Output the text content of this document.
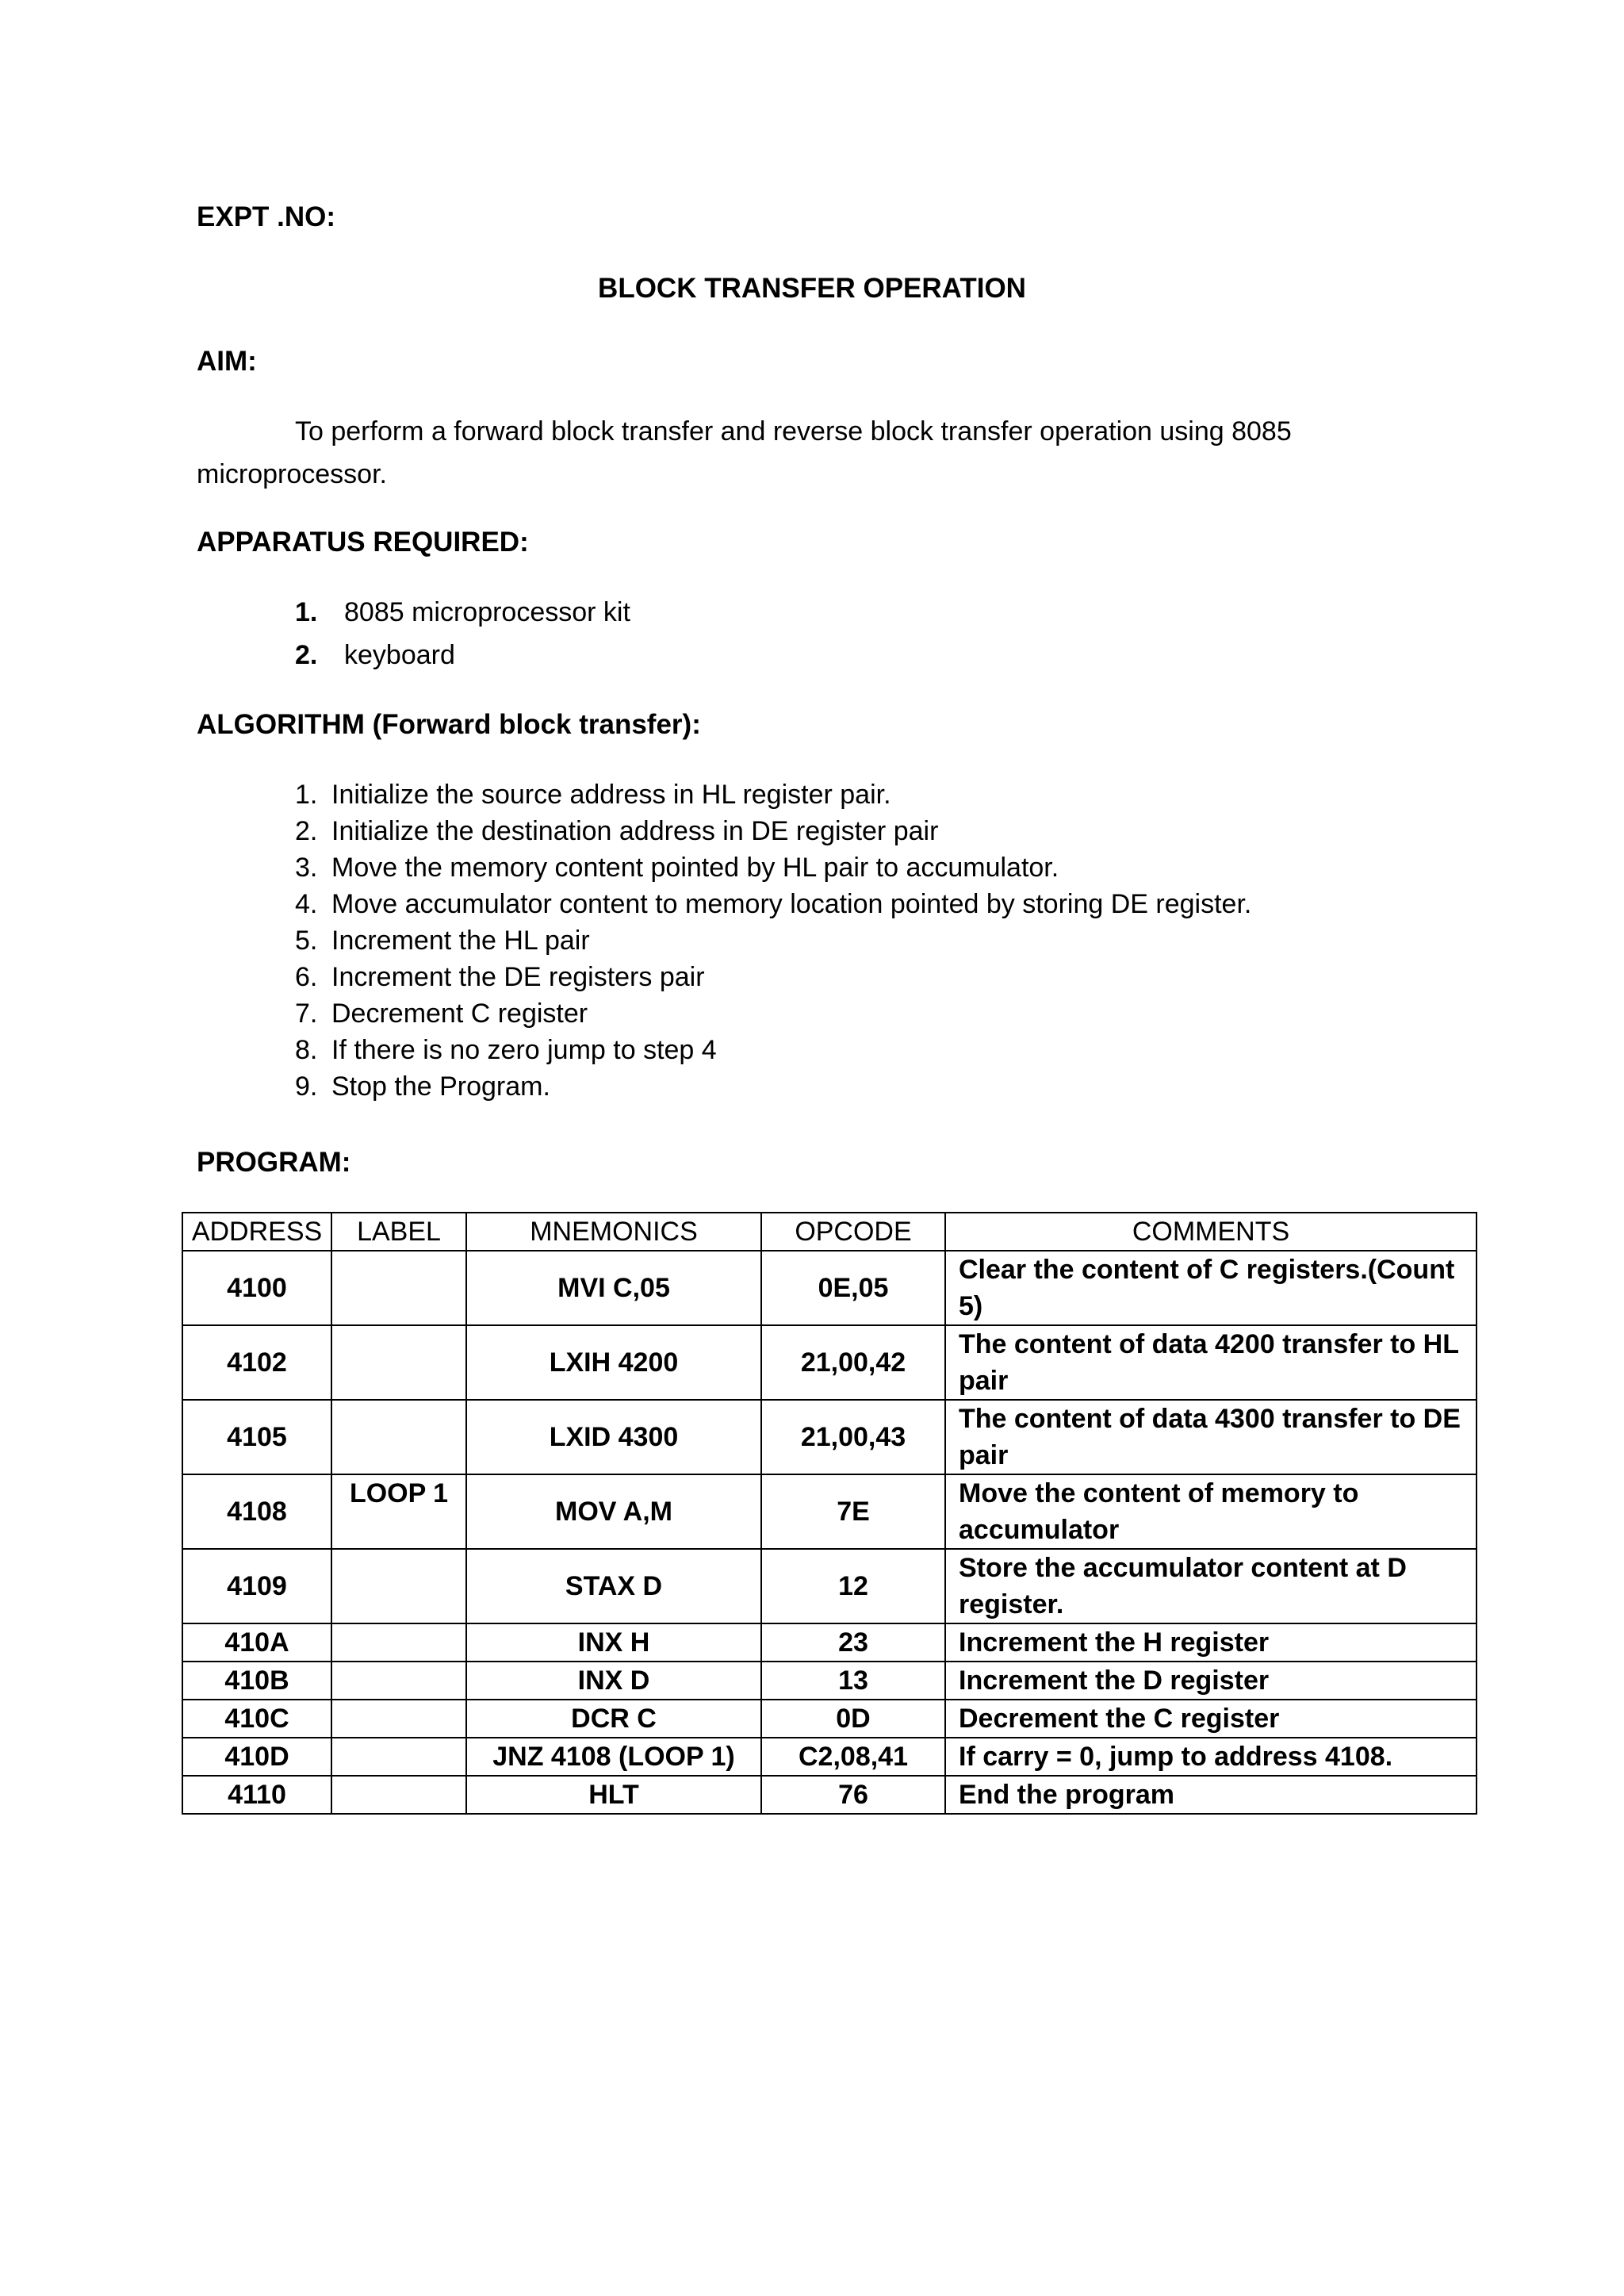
EXPT .NO:
BLOCK TRANSFER OPERATION
AIM:
To perform a forward block transfer and reverse block transfer operation using 8085
microprocessor.
APPARATUS REQUIRED:
1. 8085 microprocessor kit
2. keyboard
ALGORITHM (Forward block transfer):
1. Initialize the source address in HL register pair.
2. Initialize the destination address in DE register pair
3. Move the memory content pointed by HL pair to accumulator.
4. Move accumulator content to memory location pointed by storing DE register.
5. Increment the HL pair
6. Increment the DE registers pair
7. Decrement C register
8. If there is no zero jump to step 4
9. Stop the Program.
PROGRAM:
ADDRESS	LABEL	MNEMONICS	OPCODE	COMMENTS
4100		MVI C,05	0E,05	Clear the content of C registers.(Count 5)
4102		LXIH 4200	21,00,42	The content of data 4200 transfer to HL pair
4105		LXID 4300	21,00,43	The content of data 4300 transfer to DE pair
4108	LOOP 1	MOV A,M	7E	Move the content of memory to accumulator
4109		STAX D	12	Store the accumulator content at D register.
410A		INX H	23	Increment the H register
410B		INX D	13	Increment the D register
410C		DCR C	0D	Decrement the C register
410D		JNZ 4108 (LOOP 1)	C2,08,41	If carry = 0, jump to address 4108.
4110		HLT	76	End the program
